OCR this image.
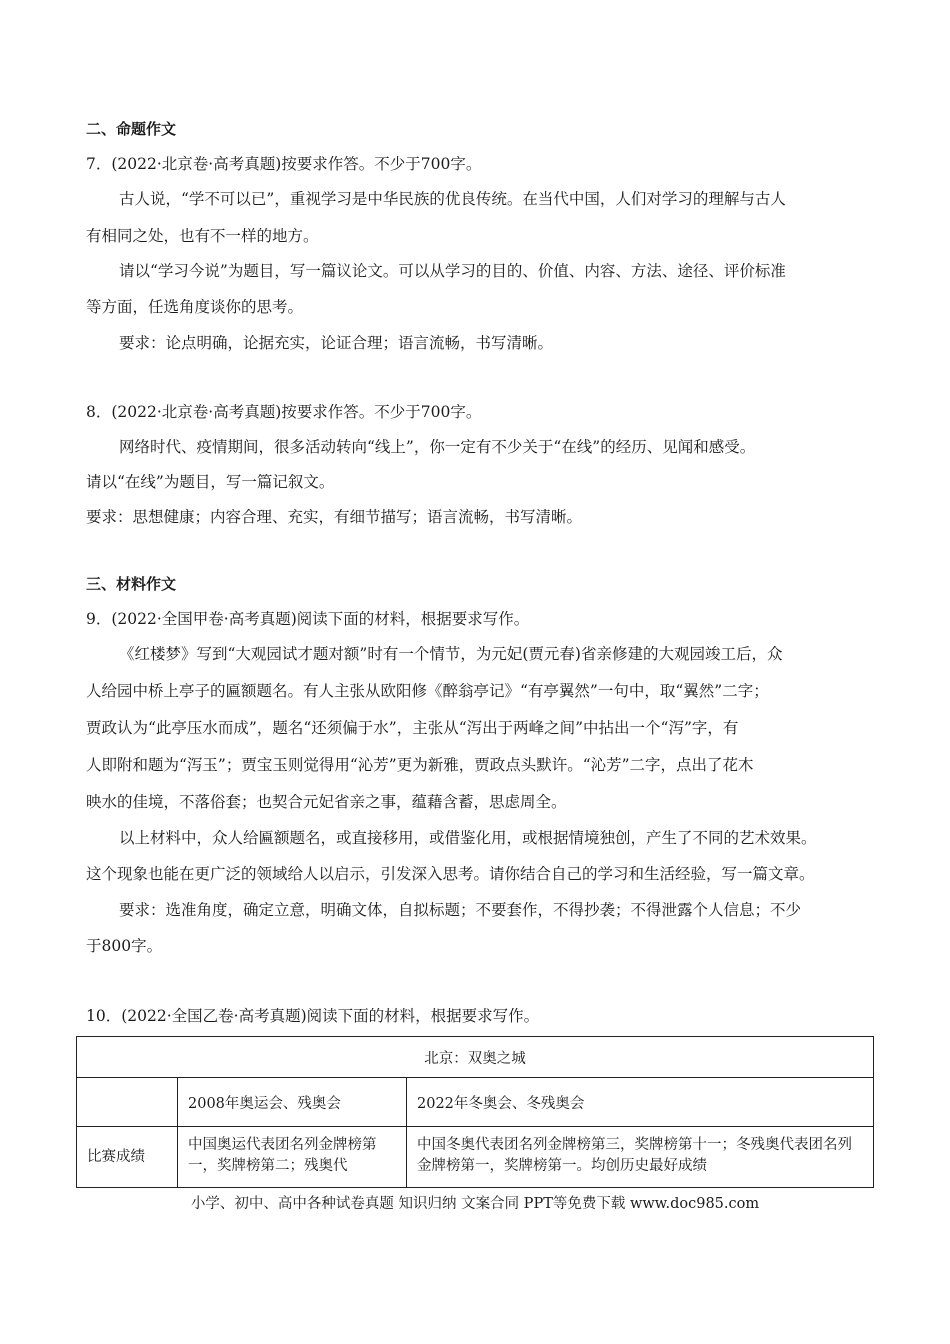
二、命题作文
7．(2022·北京卷·高考真题)按要求作答。不少于700字。
古人说，“学不可以已”，重视学习是中华民族的优良传统。在当代中国，人们对学习的理解与古人
有相同之处，也有不一样的地方。
请以“学习今说”为题目，写一篇议论文。可以从学习的目的、价值、内容、方法、途径、评价标准
等方面，任选角度谈你的思考。
要求：论点明确，论据充实，论证合理；语言流畅，书写清晰。
8．(2022·北京卷·高考真题)按要求作答。不少于700字。
网络时代、疫情期间，很多活动转向“线上”，你一定有不少关于“在线”的经历、见闻和感受。
请以“在线”为题目，写一篇记叙文。
要求：思想健康；内容合理、充实，有细节描写；语言流畅，书写清晰。
三、材料作文
9．(2022·全国甲卷·高考真题)阅读下面的材料，根据要求写作。
《红楼梦》写到“大观园试才题对额”时有一个情节，为元妃(贾元春)省亲修建的大观园竣工后，众
人给园中桥上亭子的匾额题名。有人主张从欧阳修《醉翁亭记》“有亭翼然”一句中，取“翼然”二字；
贾政认为“此亭压水而成”，题名“还须偏于水”，主张从“泻出于两峰之间”中拈出一个“泻”字，有
人即附和题为“泻玉”；贾宝玉则觉得用“沁芳”更为新雅，贾政点头默许。“沁芳”二字，点出了花木
映水的佳境，不落俗套；也契合元妃省亲之事，蕴藉含蓄，思虑周全。
以上材料中，众人给匾额题名，或直接移用，或借鉴化用，或根据情境独创，产生了不同的艺术效果。
这个现象也能在更广泛的领域给人以启示，引发深入思考。请你结合自己的学习和生活经验，写一篇文章。
要求：选准角度，确定立意，明确文体，自拟标题；不要套作，不得抄袭；不得泄露个人信息；不少
于800字。
10．(2022·全国乙卷·高考真题)阅读下面的材料，根据要求写作。
北京：双奥之城		
	2008年奥运会、残奥会	2022年冬奥会、冬残奥会
比赛成绩	中国奥运代表团名列金牌榜第一，奖牌榜第二；残奥代	中国冬奥代表团名列金牌榜第三，奖牌榜第十一；冬残奥代表团名列金牌榜第一，奖牌榜第一。均创历史最好成绩
小学、初中、高中各种试卷真题 知识归纳 文案合同 PPT等免费下载 www.doc985.com
